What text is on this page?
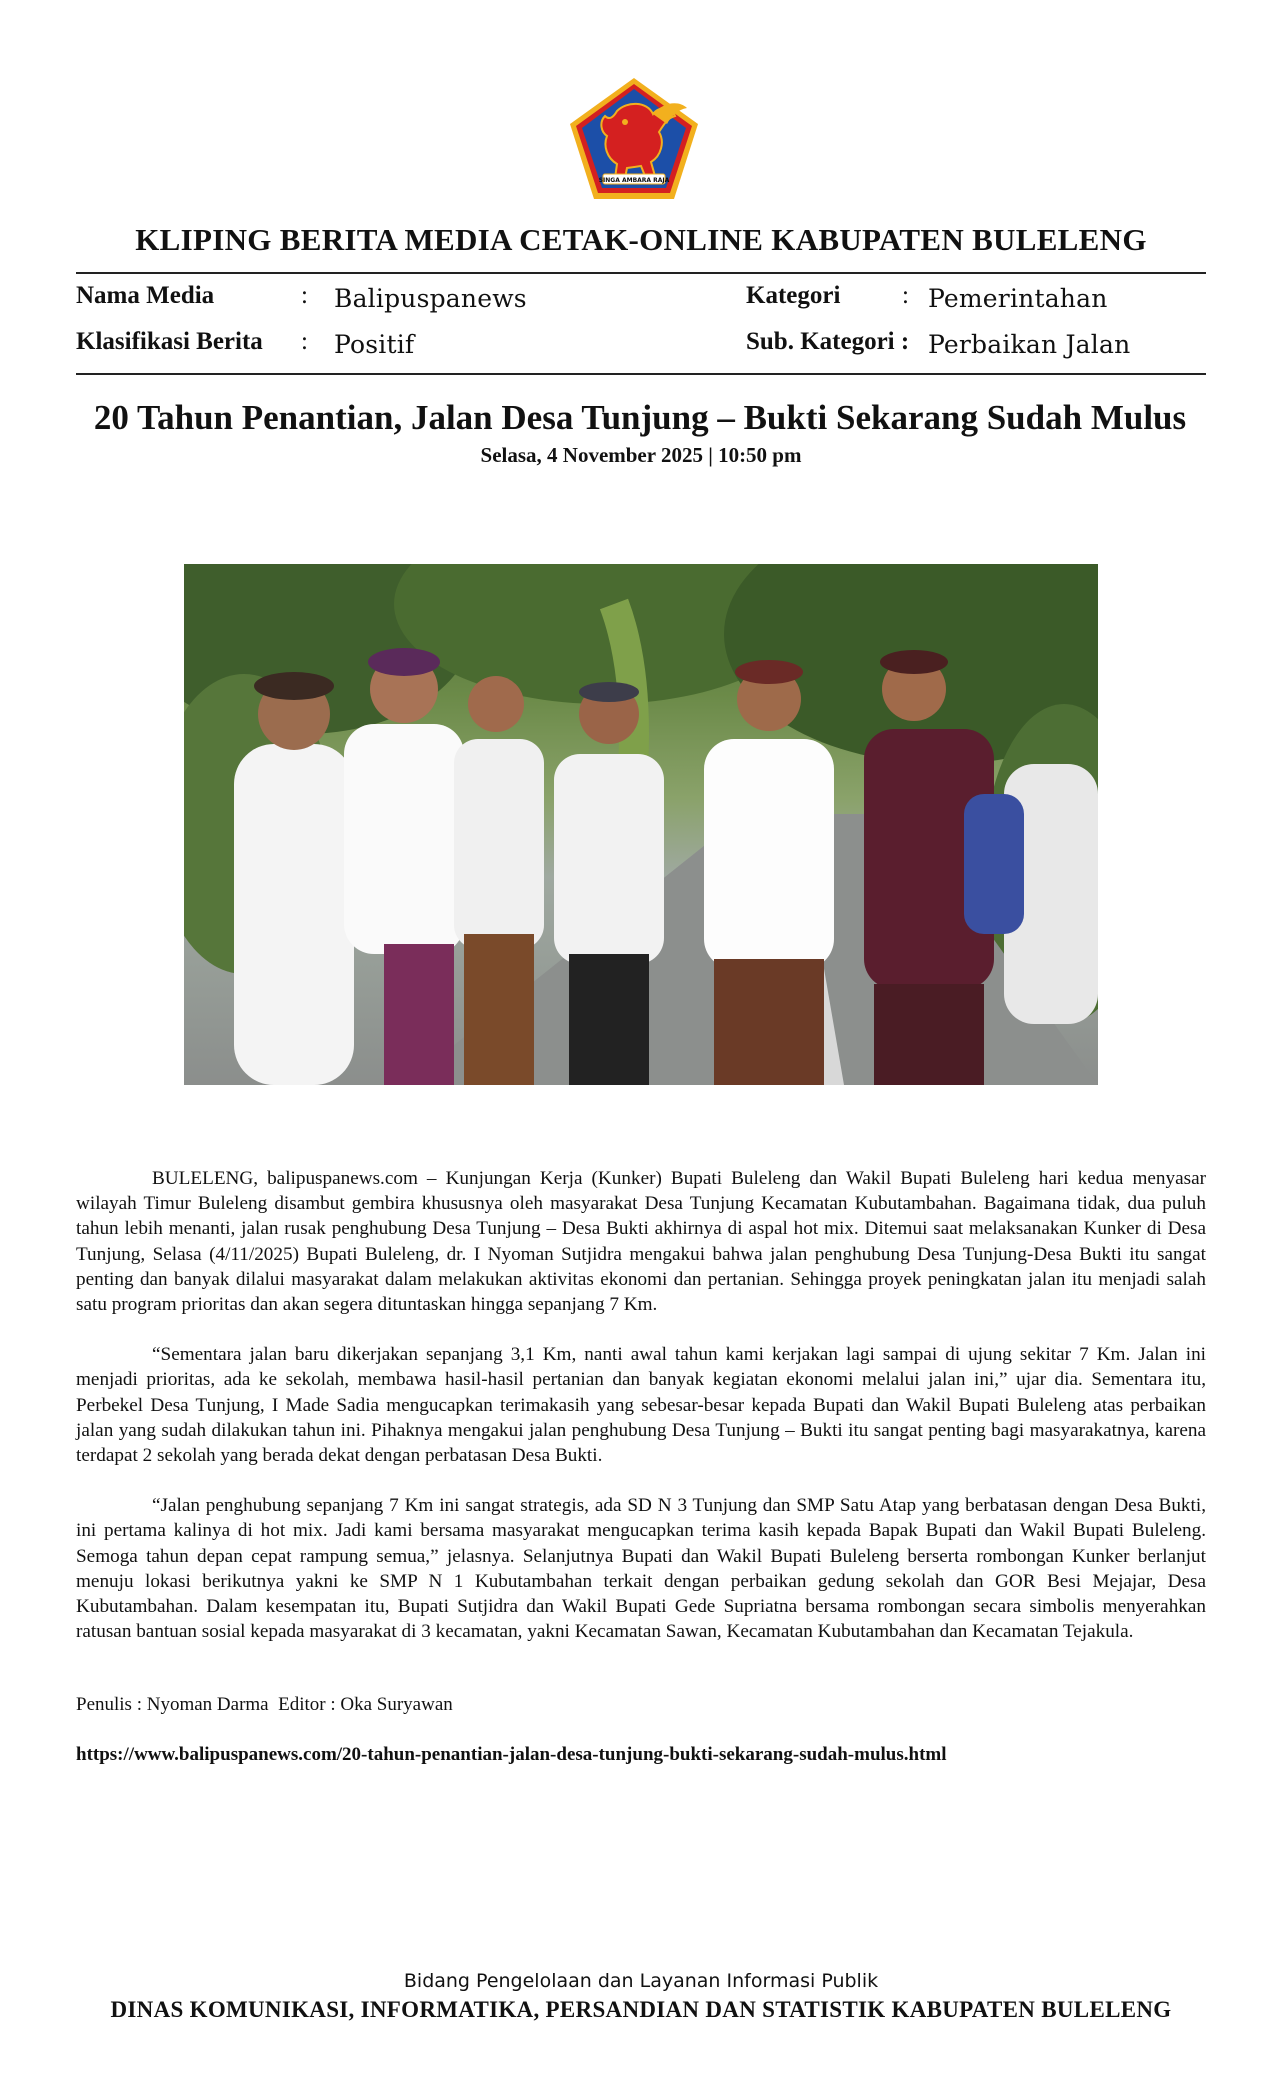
SINGA AMBARA RAJA
KLIPING BERITA MEDIA CETAK-ONLINE KABUPATEN BULELENG
Nama Media	: Balipuspanews	Kategori : Pemerintahan
Klasifikasi Berita : Positif	Sub. Kategori : Perbaikan Jalan
20 Tahun Penantian, Jalan Desa Tunjung – Bukti Sekarang Sudah Mulus
Selasa, 4 November 2025 | 10:50 pm

BULELENG, balipuspanews.com – Kunjungan Kerja (Kunker) Bupati Buleleng dan Wakil Bupati Buleleng hari kedua menyasar wilayah Timur Buleleng disambut gembira khususnya oleh masyarakat Desa Tunjung Kecamatan Kubutambahan. Bagaimana tidak, dua puluh tahun lebih menanti, jalan rusak penghubung Desa Tunjung – Desa Bukti akhirnya di aspal hot mix. Ditemui saat melaksanakan Kunker di Desa Tunjung, Selasa (4/11/2025) Bupati Buleleng, dr. I Nyoman Sutjidra mengakui bahwa jalan penghubung Desa Tunjung-Desa Bukti itu sangat penting dan banyak dilalui masyarakat dalam melakukan aktivitas ekonomi dan pertanian. Sehingga proyek peningkatan jalan itu menjadi salah satu program prioritas dan akan segera dituntaskan hingga sepanjang 7 Km.

“Sementara jalan baru dikerjakan sepanjang 3,1 Km, nanti awal tahun kami kerjakan lagi sampai di ujung sekitar 7 Km. Jalan ini menjadi prioritas, ada ke sekolah, membawa hasil-hasil pertanian dan banyak kegiatan ekonomi melalui jalan ini,” ujar dia. Sementara itu, Perbekel Desa Tunjung, I Made Sadia mengucapkan terimakasih yang sebesar-besar kepada Bupati dan Wakil Bupati Buleleng atas perbaikan jalan yang sudah dilakukan tahun ini. Pihaknya mengakui jalan penghubung Desa Tunjung – Bukti itu sangat penting bagi masyarakatnya, karena terdapat 2 sekolah yang berada dekat dengan perbatasan Desa Bukti.

“Jalan penghubung sepanjang 7 Km ini sangat strategis, ada SD N 3 Tunjung dan SMP Satu Atap yang berbatasan dengan Desa Bukti, ini pertama kalinya di hot mix. Jadi kami bersama masyarakat mengucapkan terima kasih kepada Bapak Bupati dan Wakil Bupati Buleleng. Semoga tahun depan cepat rampung semua,” jelasnya. Selanjutnya Bupati dan Wakil Bupati Buleleng berserta rombongan Kunker berlanjut menuju lokasi berikutnya yakni ke SMP N 1 Kubutambahan terkait dengan perbaikan gedung sekolah dan GOR Besi Mejajar, Desa Kubutambahan. Dalam kesempatan itu, Bupati Sutjidra dan Wakil Bupati Gede Supriatna bersama rombongan secara simbolis menyerahkan ratusan bantuan sosial kepada masyarakat di 3 kecamatan, yakni Kecamatan Sawan, Kecamatan Kubutambahan dan Kecamatan Tejakula.

Penulis : Nyoman Darma  Editor : Oka Suryawan
https://www.balipuspanews.com/20-tahun-penantian-jalan-desa-tunjung-bukti-sekarang-sudah-mulus.html
Bidang Pengelolaan dan Layanan Informasi Publik
DINAS KOMUNIKASI, INFORMATIKA, PERSANDIAN DAN STATISTIK KABUPATEN BULELENG
